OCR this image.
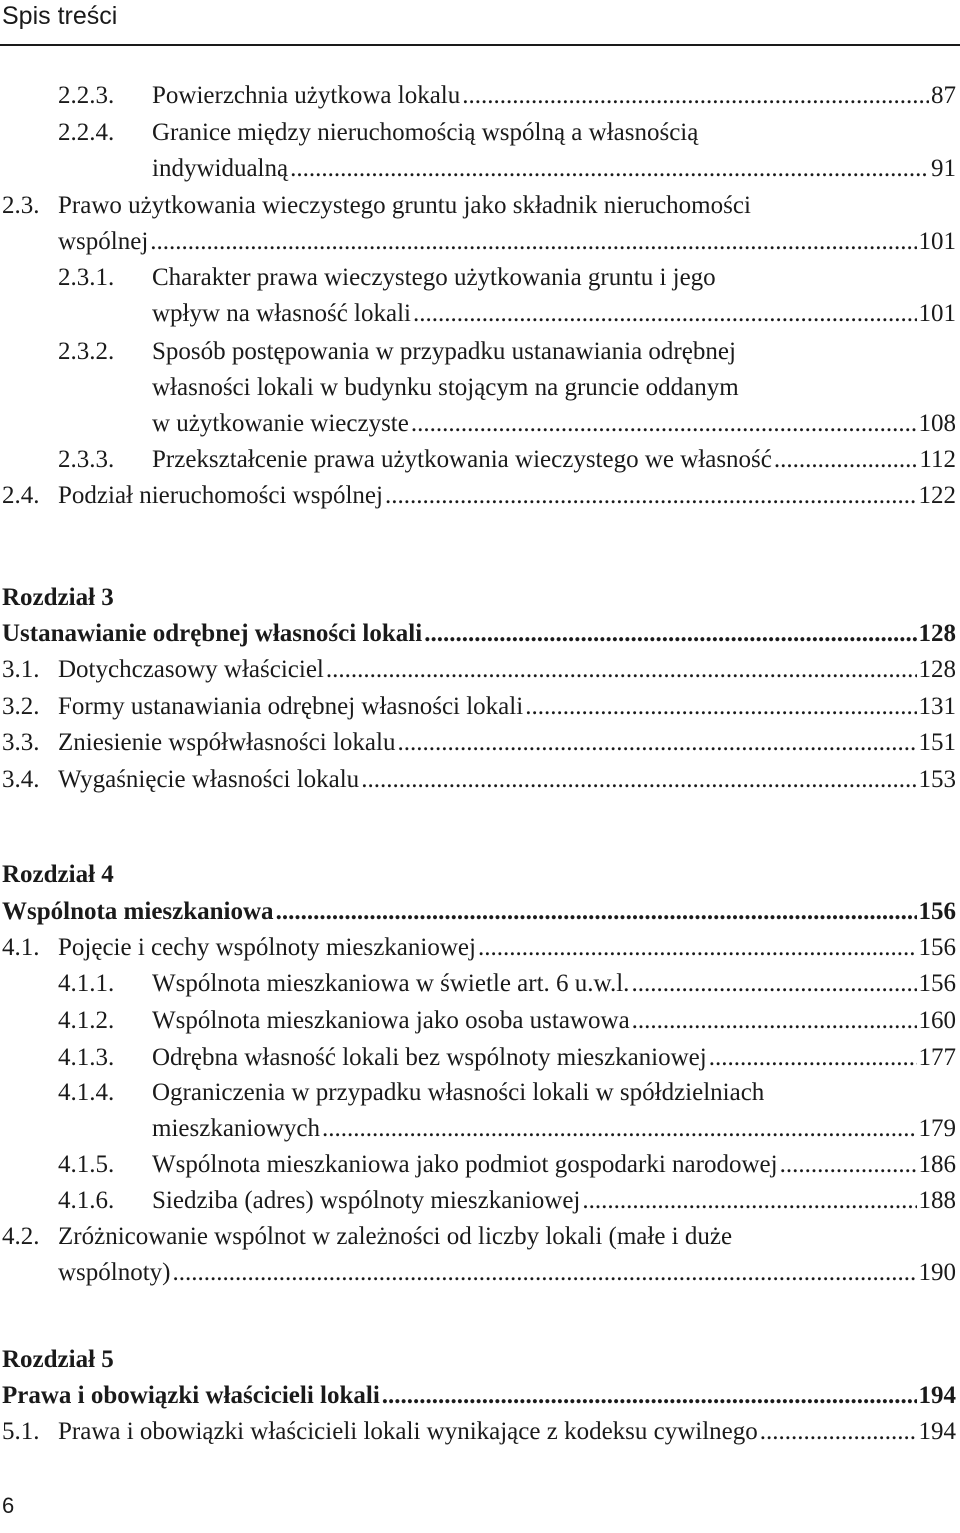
Spis treści
2.2.3. Powierzchnia użytkowa lokalu .....	87
2.2.4. Granice między nieruchomością wspólną a własnością
indywidualną .....	91
2.3. Prawo użytkowania wieczystego gruntu jako składnik nieruchomości
wspólnej .....	101
2.3.1. Charakter prawa wieczystego użytkowania gruntu i jego
wpływ na własność lokali .....	101
2.3.2. Sposób postępowania w przypadku ustanawiania odrębnej
własności lokali w budynku stojącym na gruncie oddanym
w użytkowanie wieczyste .....	108
2.3.3. Przekształcenie prawa użytkowania wieczystego we własność .....	112
2.4. Podział nieruchomości wspólnej .....	122
Rozdział 3
Ustanawianie odrębnej własności lokali .....	128
3.1. Dotychczasowy właściciel .....	128
3.2. Formy ustanawiania odrębnej własności lokali .....	131
3.3. Zniesienie współwłasności lokalu .....	151
3.4. Wygaśnięcie własności lokalu .....	153
Rozdział 4
Wspólnota mieszkaniowa .....	156
4.1. Pojęcie i cechy wspólnoty mieszkaniowej .....	156
4.1.1. Wspólnota mieszkaniowa w świetle art. 6 u.w.l. .....	156
4.1.2. Wspólnota mieszkaniowa jako osoba ustawowa .....	160
4.1.3. Odrębna własność lokali bez wspólnoty mieszkaniowej .....	177
4.1.4. Ograniczenia w przypadku własności lokali w spółdzielniach
mieszkaniowych .....	179
4.1.5. Wspólnota mieszkaniowa jako podmiot gospodarki narodowej .....	186
4.1.6. Siedziba (adres) wspólnoty mieszkaniowej .....	188
4.2. Zróżnicowanie wspólnot w zależności od liczby lokali (małe i duże
wspólnoty) .....	190
Rozdział 5
Prawa i obowiązki właścicieli lokali .....	194
5.1. Prawa i obowiązki właścicieli lokali wynikające z kodeksu cywilnego .....	194
6
